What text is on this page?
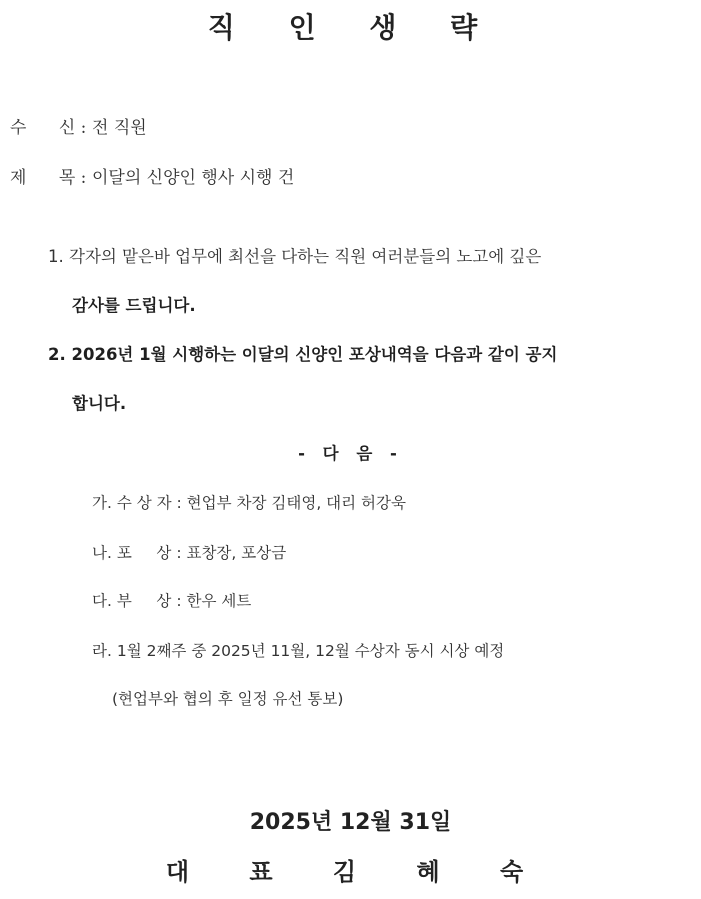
직 인 생 략
수      신 : 전 직원
제      목 : 이달의 신양인 행사 시행 건
1. 각자의 맡은바 업무에 최선을 다하는 직원 여러분들의 노고에 깊은
감사를 드립니다.
2. 2026년 1월 시행하는 이달의 신양인 포상내역을 다음과 같이 공지
합니다.
- 다 음 -
가. 수 상 자 : 현업부 차장 김태영, 대리 허강욱
나. 포     상 : 표창장, 포상금
다. 부     상 : 한우 세트
라. 1월 2째주 중 2025년 11월, 12월 수상자 동시 시상 예정
(현업부와 협의 후 일정 유선 통보)
2025년 12월 31일
대 표 김 혜 숙
